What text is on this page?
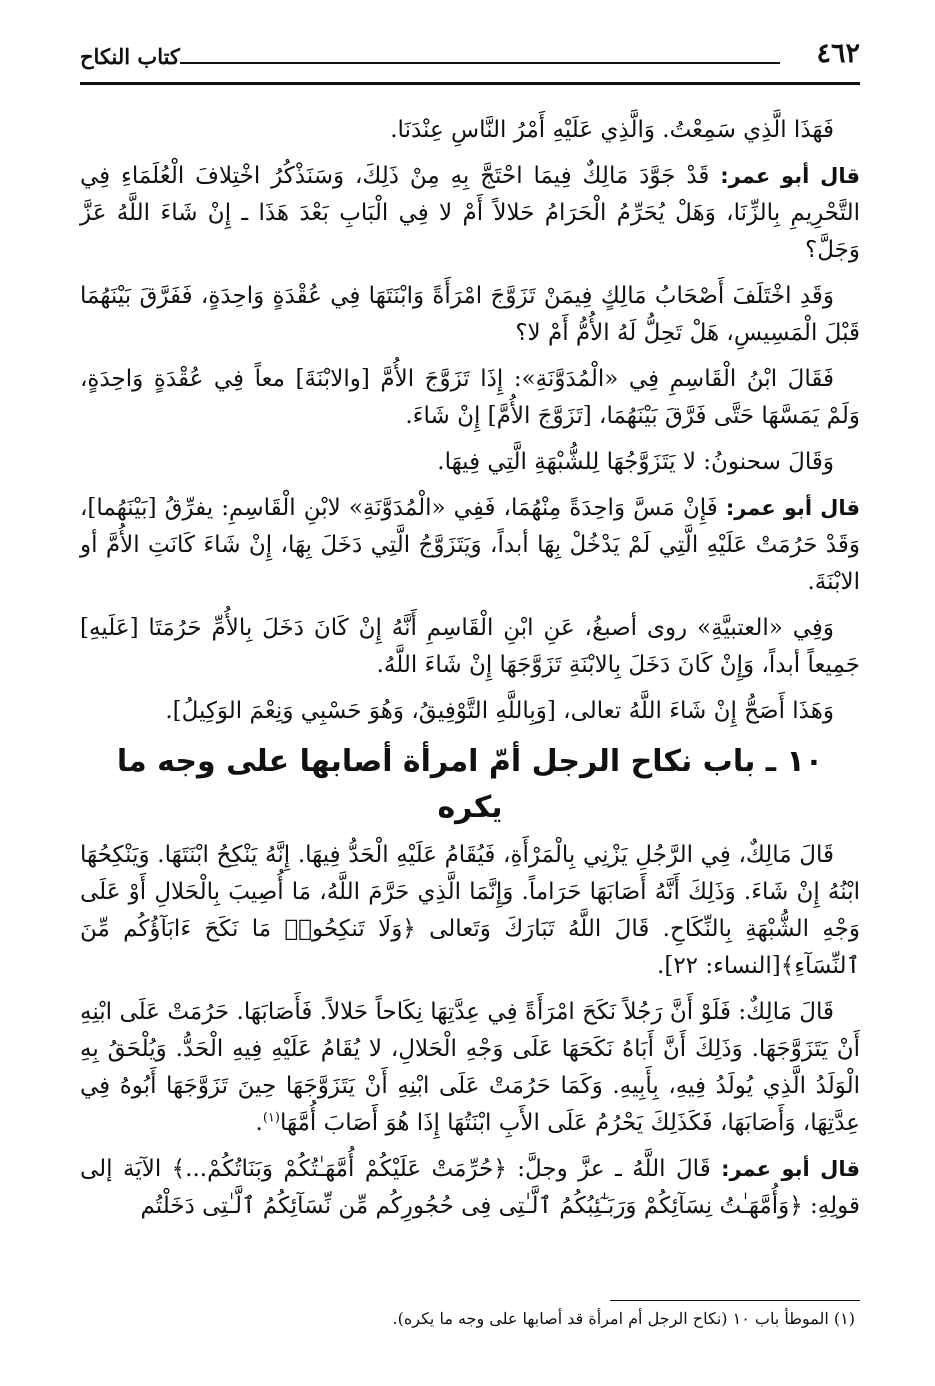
كتاب النكاح	٤٦٢

فَهَذَا الَّذِي سَمِعْتُ. وَالَّذِي عَلَيْهِ أَمْرُ النَّاسِ عِنْدَنَا.

قال أبو عمر: قَدْ جَوَّدَ مَالِكٌ فِيمَا احْتَجَّ بِهِ مِنْ ذَلِكَ، وَسَنَذْكُرُ اخْتِلافَ الْعُلَمَاءِ فِي التَّحْرِيمِ بِالزِّنَا، وَهَلْ يُحَرِّمُ الْحَرَامُ حَلالاً أَمْ لا فِي الْبَابِ بَعْدَ هَذَا ـ إِنْ شَاءَ اللَّهُ عَزَّ وَجَلَّ؟

وَقَدِ اخْتَلَفَ أَصْحَابُ مَالِكٍ فِيمَنْ تَزَوَّجَ امْرَأَةً وَابْنَتَهَا فِي عُقْدَةٍ وَاحِدَةٍ، فَفَرَّقَ بَيْنَهُمَا قَبْلَ الْمَسِيسِ، هَلْ تَحِلُّ لَهُ الأُمُّ أَمْ لا؟

فَقَالَ ابْنُ الْقَاسِمِ فِي «الْمُدَوَّنَةِ»: إِذَا تَزَوَّجَ الأُمَّ [والابْنَةَ] معاً فِي عُقْدَةٍ وَاحِدَةٍ، وَلَمْ يَمَسَّهَا حَتَّى فَرَّقَ بَيْنَهُمَا، [تَزَوَّجَ الأُمَّ] إِنْ شَاءَ.

وَقَالَ سحنونُ: لا يَتَزَوَّجُهَا لِلشُّبْهَةِ الَّتِي فِيهَا.

قال أبو عمر: فَإِنْ مَسَّ وَاحِدَةً مِنْهُمَا، فَفِي «الْمُدَوَّنَةِ» لابْنِ الْقَاسِمِ: يفرِّقُ [بَيْنَهُما]، وَقَدْ حَرُمَتْ عَلَيْهِ الَّتِي لَمْ يَدْخُلْ بِهَا أبداً، وَيَتَزَوَّجُ الَّتِي دَخَلَ بِهَا، إِنْ شَاءَ كَانَتِ الأُمَّ أو الابْنَةَ.

وَفِي «العتبيَّةِ» روى أصبغُ، عَنِ ابْنِ الْقَاسِمِ أَنَّهُ إِنْ كَانَ دَخَلَ بِالأُمِّ حَرُمَتَا [عَلَيهِ] جَمِيعاً أبداً، وَإِنْ كَانَ دَخَلَ بِالابْنَةِ تَزَوَّجَهَا إِنْ شَاءَ اللَّهُ.

وَهَذَا أَصَحُّ إِنْ شَاءَ اللَّهُ تعالى، [وَبِاللَّهِ التَّوْفِيقُ، وَهُوَ حَسْبِي وَنِعْمَ الوَكِيلُ].

١٠ ـ باب نكاح الرجل أمّ امرأة أصابها على وجه ما يكره

قَالَ مَالِكٌ، فِي الرَّجُلِ يَزْنِي بِالْمَرْأَةِ، فَيُقَامُ عَلَيْهِ الْحَدُّ فِيهَا. إِنَّهُ يَنْكِحُ ابْنَتَهَا. وَيَنْكِحُهَا ابْنُهُ إِنْ شَاءَ. وَذَلِكَ أَنَّهُ أَصَابَهَا حَرَاماً. وَإِنَّمَا الَّذِي حَرَّمَ اللَّهُ، مَا أُصِيبَ بِالْحَلالِ أَوْ عَلَى وَجْهِ الشُّبْهَةِ بِالنِّكَاحِ. قَالَ اللَّهُ تَبَارَكَ وَتَعالى ﴿وَلَا تَنكِحُوا۟ مَا نَكَحَ ءَابَآؤُكُم مِّنَ ٱلنِّسَآءِ﴾[النساء: ٢٢].

قَالَ مَالِكٌ: فَلَوْ أَنَّ رَجُلاً نَكَحَ امْرَأَةً فِي عِدَّتِهَا نِكَاحاً حَلالاً. فَأَصَابَهَا. حَرُمَتْ عَلَى ابْنِهِ أَنْ يَتَزَوَّجَهَا. وَذَلِكَ أَنَّ أَبَاهُ نَكَحَهَا عَلَى وَجْهِ الْحَلالِ، لا يُقَامُ عَلَيْهِ فِيهِ الْحَدُّ. وَيُلْحَقُ بِهِ الْوَلَدُ الَّذِي يُولَدُ فِيهِ، بِأَبِيهِ. وَكَمَا حَرُمَتْ عَلَى ابْنِهِ أَنْ يَتَزَوَّجَهَا حِينَ تَزَوَّجَهَا أَبُوهُ فِي عِدَّتِهَا، وَأَصَابَهَا، فَكَذَلِكَ يَحْرُمُ عَلَى الأَبِ ابْنَتُهَا إِذَا هُوَ أَصَابَ أُمَّهَا$^{(١)}$.

قال أبو عمر: قَالَ اللَّهُ ـ عزَّ وجلَّ: ﴿حُرِّمَتْ عَلَيْكُمْ أُمَّهَـٰتُكُمْ وَبَنَاتُكُمْ...﴾ الآيَة إلى قولِهِ: ﴿وَأُمَّهَـٰتُ نِسَآئِكُمْ وَرَبَـٰٓئِبُكُمُ ٱلَّـٰتِى فِى حُجُورِكُم مِّن نِّسَآئِكُمُ ٱلَّـٰتِى دَخَلْتُم

(١) الموطأ باب ١٠ (نكاح الرجل أم امرأة قد أصابها على وجه ما يكره).
